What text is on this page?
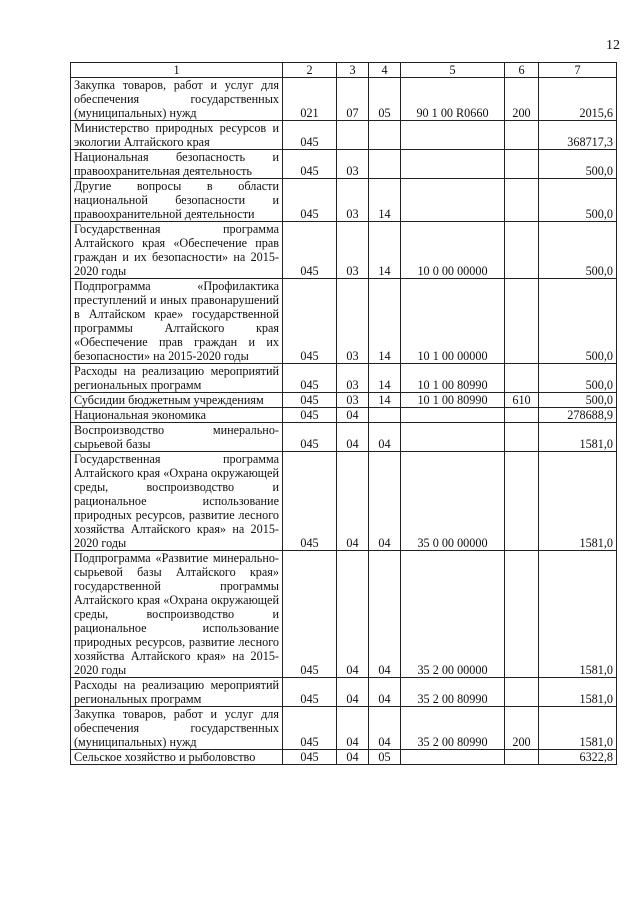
12
1	2	3	4	5	6	7
Закупка товаров, работ и услуг для обеспечения государственных (муниципальных) нужд	021	07	05	90 1 00 R0660	200	2015,6
Министерство природных ресурсов и экологии Алтайского края	045					368717,3
Национальная безопасность и правоохранительная деятельность	045	03				500,0
Другие вопросы в области национальной безопасности и правоохранительной деятельности	045	03	14			500,0
Государственная программа Алтайского края «Обеспечение прав граждан и их безопасности» на 2015-2020 годы	045	03	14	10 0 00 00000		500,0
Подпрограмма «Профилактика преступлений и иных правонарушений в Алтайском крае» государственной программы Алтайского края «Обеспечение прав граждан и их безопасности» на 2015-2020 годы	045	03	14	10 1 00 00000		500,0
Расходы на реализацию мероприятий региональных программ	045	03	14	10 1 00 80990		500,0
Субсидии бюджетным учреждениям	045	03	14	10 1 00 80990	610	500,0
Национальная экономика	045	04				278688,9
Воспроизводство минерально-сырьевой базы	045	04	04			1581,0
Государственная программа Алтайского края «Охрана окружающей среды, воспроизводство и рациональное использование природных ресурсов, развитие лесного хозяйства Алтайского края» на 2015-2020 годы	045	04	04	35 0 00 00000		1581,0
Подпрограмма «Развитие минерально-сырьевой базы Алтайского края» государственной программы Алтайского края «Охрана окружающей среды, воспроизводство и рациональное использование природных ресурсов, развитие лесного хозяйства Алтайского края» на 2015-2020 годы	045	04	04	35 2 00 00000		1581,0
Расходы на реализацию мероприятий региональных программ	045	04	04	35 2 00 80990		1581,0
Закупка товаров, работ и услуг для обеспечения государственных (муниципальных) нужд	045	04	04	35 2 00 80990	200	1581,0
Сельское хозяйство и рыболовство	045	04	05			6322,8
